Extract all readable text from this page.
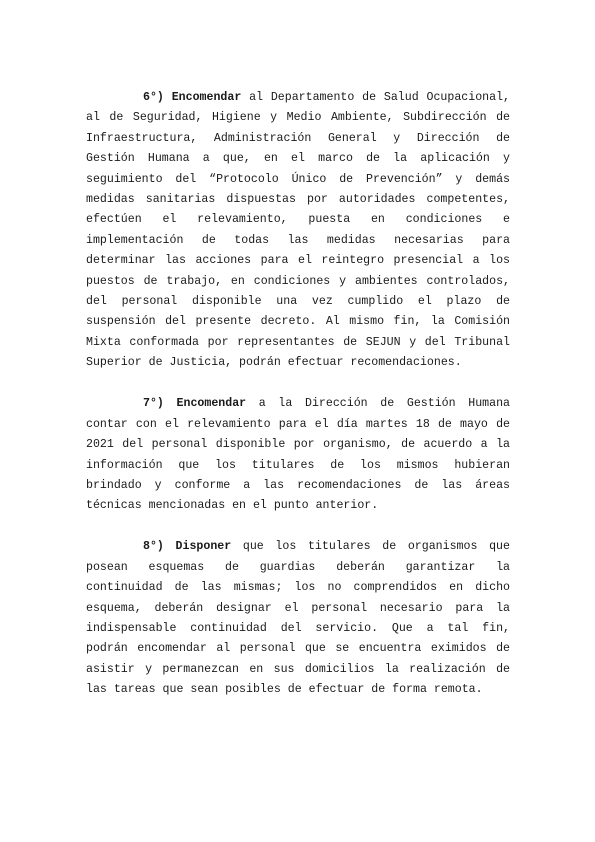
6°) Encomendar al Departamento de Salud Ocupacional, al de Seguridad, Higiene y Medio Ambiente, Subdirección de Infraestructura, Administración General y Dirección de Gestión Humana a que, en el marco de la aplicación y seguimiento del “Protocolo Único de Prevención” y demás medidas sanitarias dispuestas por autoridades competentes, efectúen el relevamiento, puesta en condiciones e implementación de todas las medidas necesarias para determinar las acciones para el reintegro presencial a los puestos de trabajo, en condiciones y ambientes controlados, del personal disponible una vez cumplido el plazo de suspensión del presente decreto. Al mismo fin, la Comisión Mixta conformada por representantes de SEJUN y del Tribunal Superior de Justicia, podrán efectuar recomendaciones.

7°) Encomendar a la Dirección de Gestión Humana contar con el relevamiento para el día martes 18 de mayo de 2021 del personal disponible por organismo, de acuerdo a la información que los titulares de los mismos hubieran brindado y conforme a las recomendaciones de las áreas técnicas mencionadas en el punto anterior.

8°) Disponer que los titulares de organismos que posean esquemas de guardias deberán garantizar la continuidad de las mismas; los no comprendidos en dicho esquema, deberán designar el personal necesario para la indispensable continuidad del servicio. Que a tal fin, podrán encomendar al personal que se encuentra eximidos de asistir y permanezcan en sus domicilios la realización de las tareas que sean posibles de efectuar de forma remota.
